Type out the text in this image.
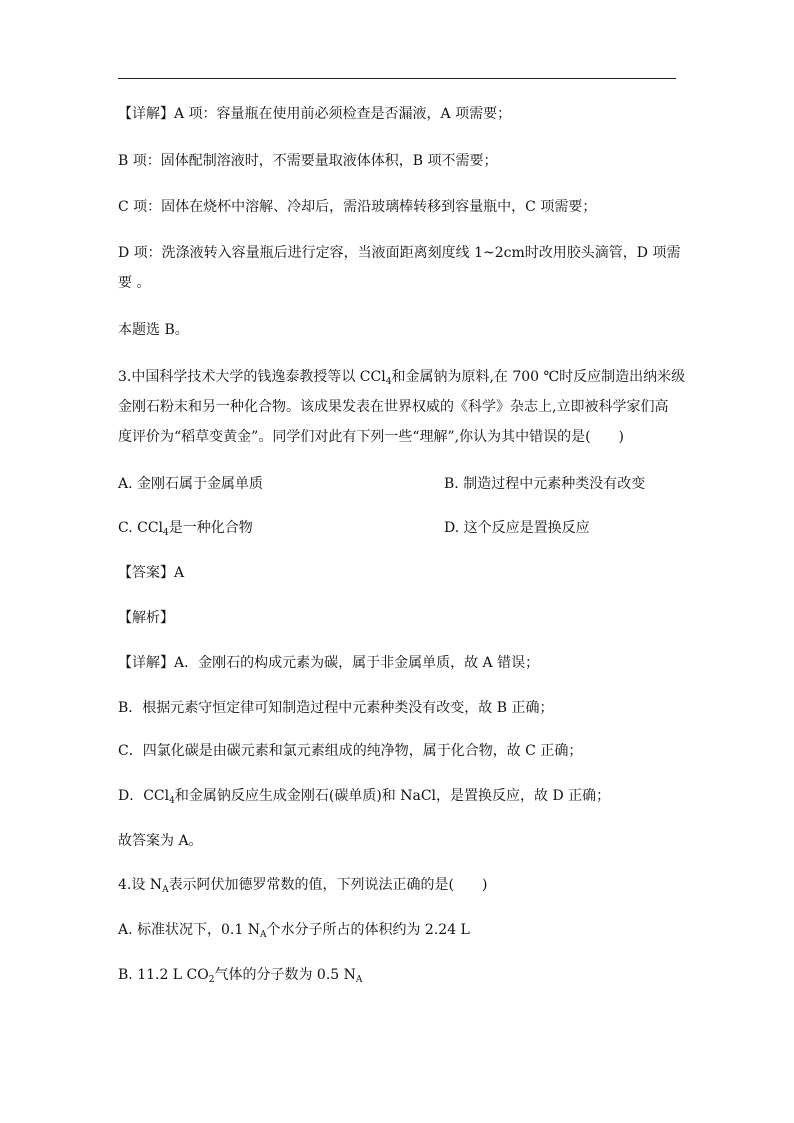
【详解】A 项：容量瓶在使用前必须检查是否漏液，A 项需要；
B 项：固体配制溶液时，不需要量取液体体积，B 项不需要；
C 项：固体在烧杯中溶解、冷却后，需沿玻璃棒转移到容量瓶中，C 项需要；
D 项：洗涤液转入容量瓶后进行定容，当液面距离刻度线 1~2cm时改用胶头滴管，D 项需
要 。
本题选 B。
3.中国科学技术大学的钱逸泰教授等以 CCl$_4$和金属钠为原料,在 700 ℃时反应制造出纳米级
金刚石粉末和另一种化合物。该成果发表在世界权威的《科学》杂志上,立即被科学家们高
度评价为“稻草变黄金”。同学们对此有下列一些“理解”,你认为其中错误的是(　　)
A. 金刚石属于金属单质	B. 制造过程中元素种类没有改变
C. CCl$_4$是一种化合物	D. 这个反应是置换反应
【答案】A
【解析】
【详解】A．金刚石的构成元素为碳，属于非金属单质，故 A 错误；
B．根据元素守恒定律可知制造过程中元素种类没有改变，故 B 正确；
C．四氯化碳是由碳元素和氯元素组成的纯净物，属于化合物，故 C 正确；
D．CCl$_4$和金属钠反应生成金刚石(碳单质)和 NaCl，是置换反应，故 D 正确；
故答案为 A。
4.设 $N_A$表示阿伏加德罗常数的值，下列说法正确的是(　　)
A. 标准状况下，0.1 $N_A$个水分子所占的体积约为 2.24 L
B. 11.2 L $CO_2$气体的分子数为 0.5 $N_A$
